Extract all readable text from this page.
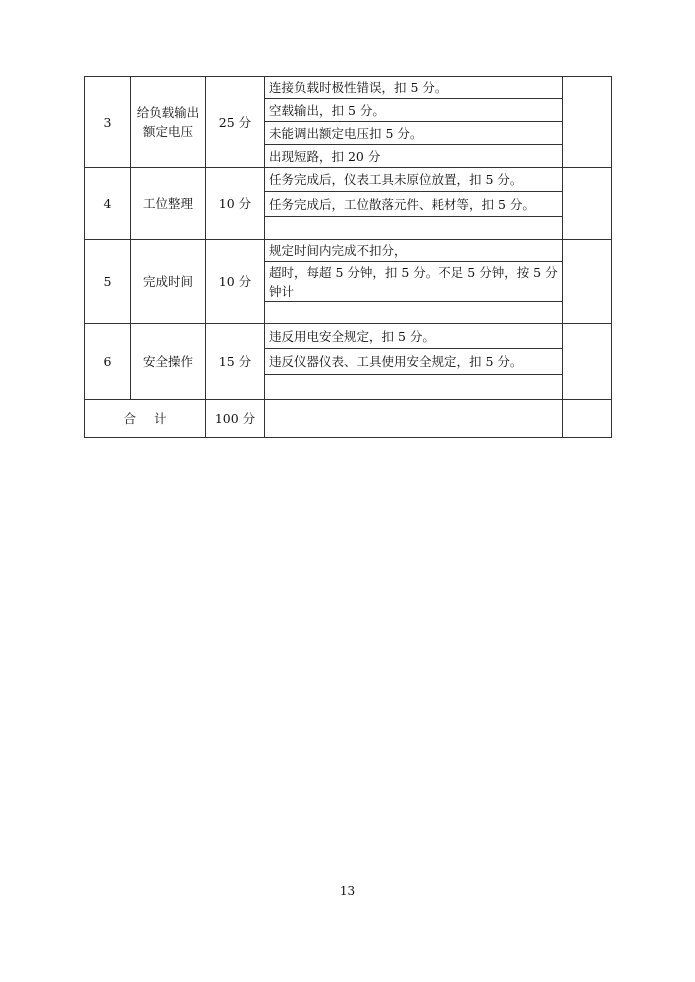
3	给负载输出额定电压	25 分	连接负载时极性错误，扣 5 分。	
			空载输出，扣 5 分。	
			未能调出额定电压扣 5 分。	
			出现短路，扣 20 分	
4	工位整理	10 分	任务完成后，仪表工具未原位放置，扣 5 分。	
			任务完成后，工位散落元件、耗材等，扣 5 分。	

5	完成时间	10 分	规定时间内完成不扣分，	
			超时，每超 5 分钟，扣 5 分。不足 5 分钟，按 5 分钟计	

6	安全操作	15 分	违反用电安全规定，扣 5 分。	
			违反仪器仪表、工具使用安全规定，扣 5 分。	

合计		100 分		
13
